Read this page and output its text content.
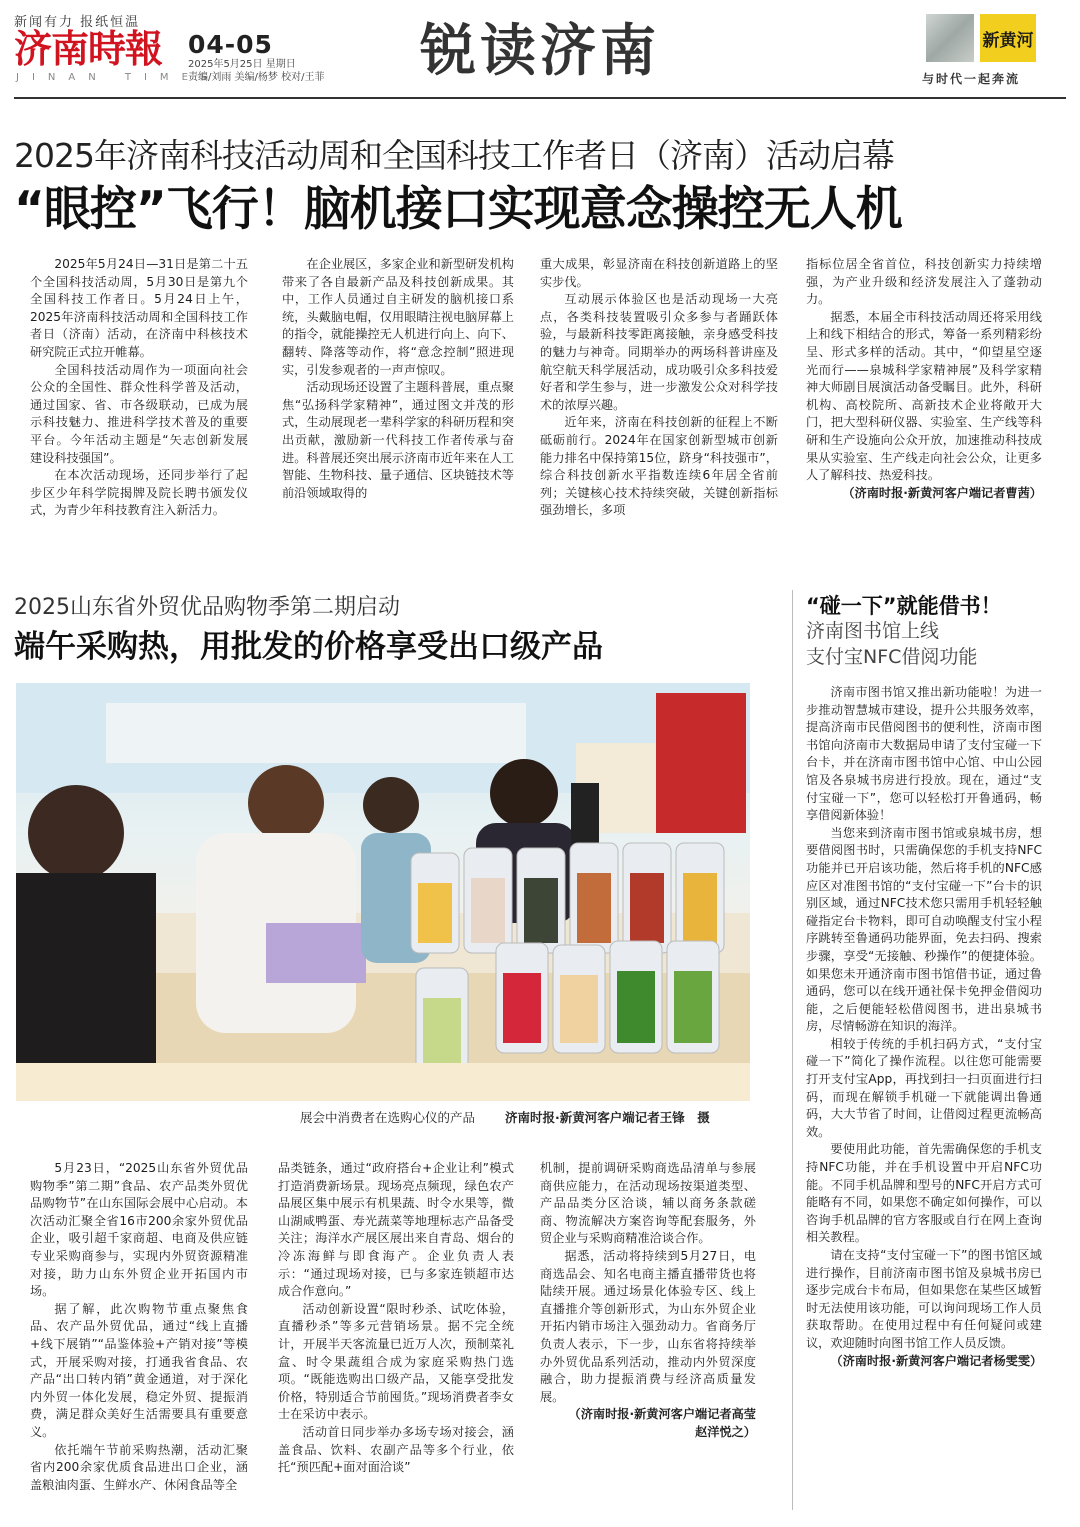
新闻有力 报纸恒温
济南時報
JINAN TIMES
04-05
2025年5月25日 星期日
责编/刘雨 美编/杨梦 校对/王菲 锐读济南	新黄河
与时代一起奔流
2025年济南科技活动周和全国科技工作者日（济南）活动启幕
“眼控”飞行！脑机接口实现意念操控无人机

2025年5月24日—31日是第二十五个全国科技活动周，5月30日是第九个全国科技工作者日。5月24日上午，2025年济南科技活动周和全国科技工作者日（济南）活动，在济南中科核技术研究院正式拉开帷幕。

全国科技活动周作为一项面向社会公众的全国性、群众性科学普及活动，通过国家、省、市各级联动，已成为展示科技魅力、推进科学技术普及的重要平台。今年活动主题是“矢志创新发展　建设科技强国”。

在本次活动现场，还同步举行了起步区少年科学院揭牌及院长聘书颁发仪式，为青少年科技教育注入新活力。

在企业展区，多家企业和新型研发机构带来了各自最新产品及科技创新成果。其中，工作人员通过自主研发的脑机接口系统，头戴脑电帽，仅用眼睛注视电脑屏幕上的指令，就能操控无人机进行向上、向下、翻转、降落等动作，将“意念控制”照进现实，引发参观者的一声声惊叹。

活动现场还设置了主题科普展，重点聚焦“弘扬科学家精神”，通过图文并茂的形式，生动展现老一辈科学家的科研历程和突出贡献，激励新一代科技工作者传承与奋进。科普展还突出展示济南市近年来在人工智能、生物科技、量子通信、区块链技术等前沿领域取得的

重大成果，彰显济南在科技创新道路上的坚实步伐。

互动展示体验区也是活动现场一大亮点，各类科技装置吸引众多参与者踊跃体验，与最新科技零距离接触，亲身感受科技的魅力与神奇。同期举办的两场科普讲座及航空航天科学展活动，成功吸引众多科技爱好者和学生参与，进一步激发公众对科学技术的浓厚兴趣。

近年来，济南在科技创新的征程上不断砥砺前行。2024年在国家创新型城市创新能力排名中保持第15位，跻身“科技强市”，综合科技创新水平指数连续6年居全省前列；关键核心技术持续突破，关键创新指标强劲增长，多项

指标位居全省首位，科技创新实力持续增强，为产业升级和经济发展注入了蓬勃动力。

据悉，本届全市科技活动周还将采用线上和线下相结合的形式，筹备一系列精彩纷呈、形式多样的活动。其中，“仰望星空逐光而行——泉城科学家精神展”及科学家精神大师剧目展演活动备受瞩目。此外，科研机构、高校院所、高新技术企业将敞开大门，把大型科研仪器、实验室、生产线等科研和生产设施向公众开放，加速推动科技成果从实验室、生产线走向社会公众，让更多人了解科技、热爱科技。

（济南时报·新黄河客户端记者曹茜）

2025山东省外贸优品购物季第二期启动
端午采购热，用批发的价格享受出口级产品
展会中消费者在选购心仪的产品 济南时报·新黄河客户端记者王锋　摄

5月23日，“2025山东省外贸优品购物季”第二期”食品、农产品类外贸优品购物节”在山东国际会展中心启动。本次活动汇聚全省16市200余家外贸优品企业，吸引超千家商超、电商及供应链专业采购商参与，实现内外贸资源精准对接，助力山东外贸企业开拓国内市场。

据了解，此次购物节重点聚焦食品、农产品外贸优品，通过“线上直播+线下展销”“品鉴体验+产销对接”等模式，开展采购对接，打通我省食品、农产品“出口转内销”黄金通道，对于深化内外贸一体化发展，稳定外贸、提振消费，满足群众美好生活需要具有重要意义。

依托端午节前采购热潮，活动汇聚省内200余家优质食品进出口企业，涵盖粮油肉蛋、生鲜水产、休闲食品等全

品类链条，通过“政府搭台+企业让利”模式打造消费新场景。现场亮点频现，绿色农产品展区集中展示有机果蔬、时令水果等，微山湖咸鸭蛋、寿光蔬菜等地理标志产品备受关注；海洋水产展区展出来自青岛、烟台的冷冻海鲜与即食海产。企业负责人表示：“通过现场对接，已与多家连锁超市达成合作意向。”

活动创新设置“限时秒杀、试吃体验，直播秒杀”等多元营销场景。据不完全统计，开展半天客流量已近万人次，预制菜礼盒、时令果蔬组合成为家庭采购热门选项。“既能选购出口级产品，又能享受批发价格，特别适合节前囤货。”现场消费者李女士在采访中表示。

活动首日同步举办多场专场对接会，涵盖食品、饮料、农副产品等多个行业，依托“预匹配+面对面洽谈”

机制，提前调研采购商选品清单与参展商供应能力，在活动现场按渠道类型、产品品类分区洽谈，辅以商务条款磋商、物流解决方案咨询等配套服务，外贸企业与采购商精准洽谈合作。

据悉，活动将持续到5月27日，电商选品会、知名电商主播直播带货也将陆续开展。通过场景化体验专区、线上直播推介等创新形式，为山东外贸企业开拓内销市场注入强劲动力。省商务厅负责人表示，下一步，山东省将持续举办外贸优品系列活动，推动内外贸深度融合，助力提振消费与经济高质量发展。

（济南时报·新黄河客户端记者高莹　赵洋悦之）

“碰一下”就能借书！
济南图书馆上线
支付宝NFC借阅功能

济南市图书馆又推出新功能啦！为进一步推动智慧城市建设，提升公共服务效率，提高济南市民借阅图书的便利性，济南市图书馆向济南市大数据局申请了支付宝碰一下台卡，并在济南市图书馆中心馆、中山公园馆及各泉城书房进行投放。现在，通过“支付宝碰一下”，您可以轻松打开鲁通码，畅享借阅新体验！

当您来到济南市图书馆或泉城书房，想要借阅图书时，只需确保您的手机支持NFC功能并已开启该功能，然后将手机的NFC感应区对准图书馆的“支付宝碰一下”台卡的识别区域，通过NFC技术您只需用手机轻轻触碰指定台卡物料，即可自动唤醒支付宝小程序跳转至鲁通码功能界面，免去扫码、搜索步骤，享受“无接触、秒操作”的便捷体验。如果您未开通济南市图书馆借书证，通过鲁通码，您可以在线开通社保卡免押金借阅功能，之后便能轻松借阅图书，进出泉城书房，尽情畅游在知识的海洋。

相较于传统的手机扫码方式，“支付宝碰一下”简化了操作流程。以往您可能需要打开支付宝App，再找到扫一扫页面进行扫码，而现在解锁手机碰一下就能调出鲁通码，大大节省了时间，让借阅过程更流畅高效。

要使用此功能，首先需确保您的手机支持NFC功能，并在手机设置中开启NFC功能。不同手机品牌和型号的NFC开启方式可能略有不同，如果您不确定如何操作，可以咨询手机品牌的官方客服或自行在网上查询相关教程。

请在支持“支付宝碰一下”的图书馆区域进行操作，目前济南市图书馆及泉城书房已逐步完成台卡布局，但如果您在某些区域暂时无法使用该功能，可以询问现场工作人员获取帮助。在使用过程中有任何疑问或建议，欢迎随时向图书馆工作人员反馈。

（济南时报·新黄河客户端记者杨雯雯）
